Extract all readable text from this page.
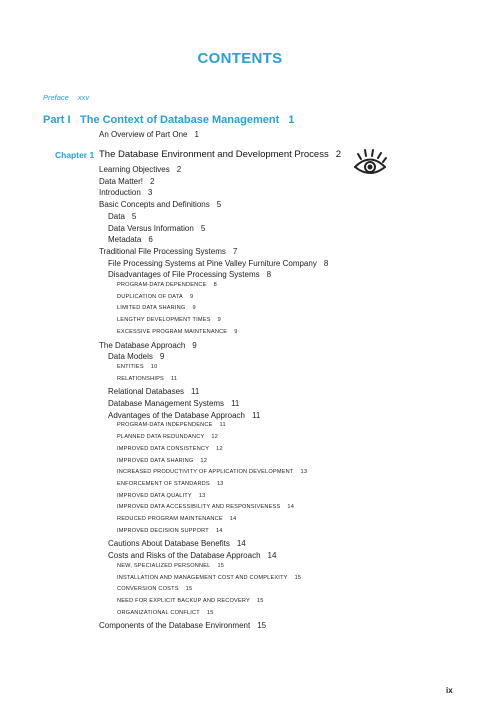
CONTENTS
Preface xxv
Part I The Context of Database Management 1
An Overview of Part One 1
Chapter 1 The Database Environment and Development Process 2
Learning Objectives 2
Data Matter! 2
Introduction 3
Basic Concepts and Definitions 5
Data 5
Data Versus Information 5
Metadata 6
Traditional File Processing Systems 7
File Processing Systems at Pine Valley Furniture Company 8
Disadvantages of File Processing Systems 8
PROGRAM-DATA DEPENDENCE 8
DUPLICATION OF DATA 9
LIMITED DATA SHARING 9
LENGTHY DEVELOPMENT TIMES 9
EXCESSIVE PROGRAM MAINTENANCE 9
The Database Approach 9
Data Models 9
ENTITIES 10
RELATIONSHIPS 11
Relational Databases 11
Database Management Systems 11
Advantages of the Database Approach 11
PROGRAM-DATA INDEPENDENCE 11
PLANNED DATA REDUNDANCY 12
IMPROVED DATA CONSISTENCY 12
IMPROVED DATA SHARING 12
INCREASED PRODUCTIVITY OF APPLICATION DEVELOPMENT 13
ENFORCEMENT OF STANDARDS 13
IMPROVED DATA QUALITY 13
IMPROVED DATA ACCESSIBILITY AND RESPONSIVENESS 14
REDUCED PROGRAM MAINTENANCE 14
IMPROVED DECISION SUPPORT 14
Cautions About Database Benefits 14
Costs and Risks of the Database Approach 14
NEW, SPECIALIZED PERSONNEL 15
INSTALLATION AND MANAGEMENT COST AND COMPLEXITY 15
CONVERSION COSTS 15
NEED FOR EXPLICIT BACKUP AND RECOVERY 15
ORGANIZATIONAL CONFLICT 15
Components of the Database Environment 15
ix
